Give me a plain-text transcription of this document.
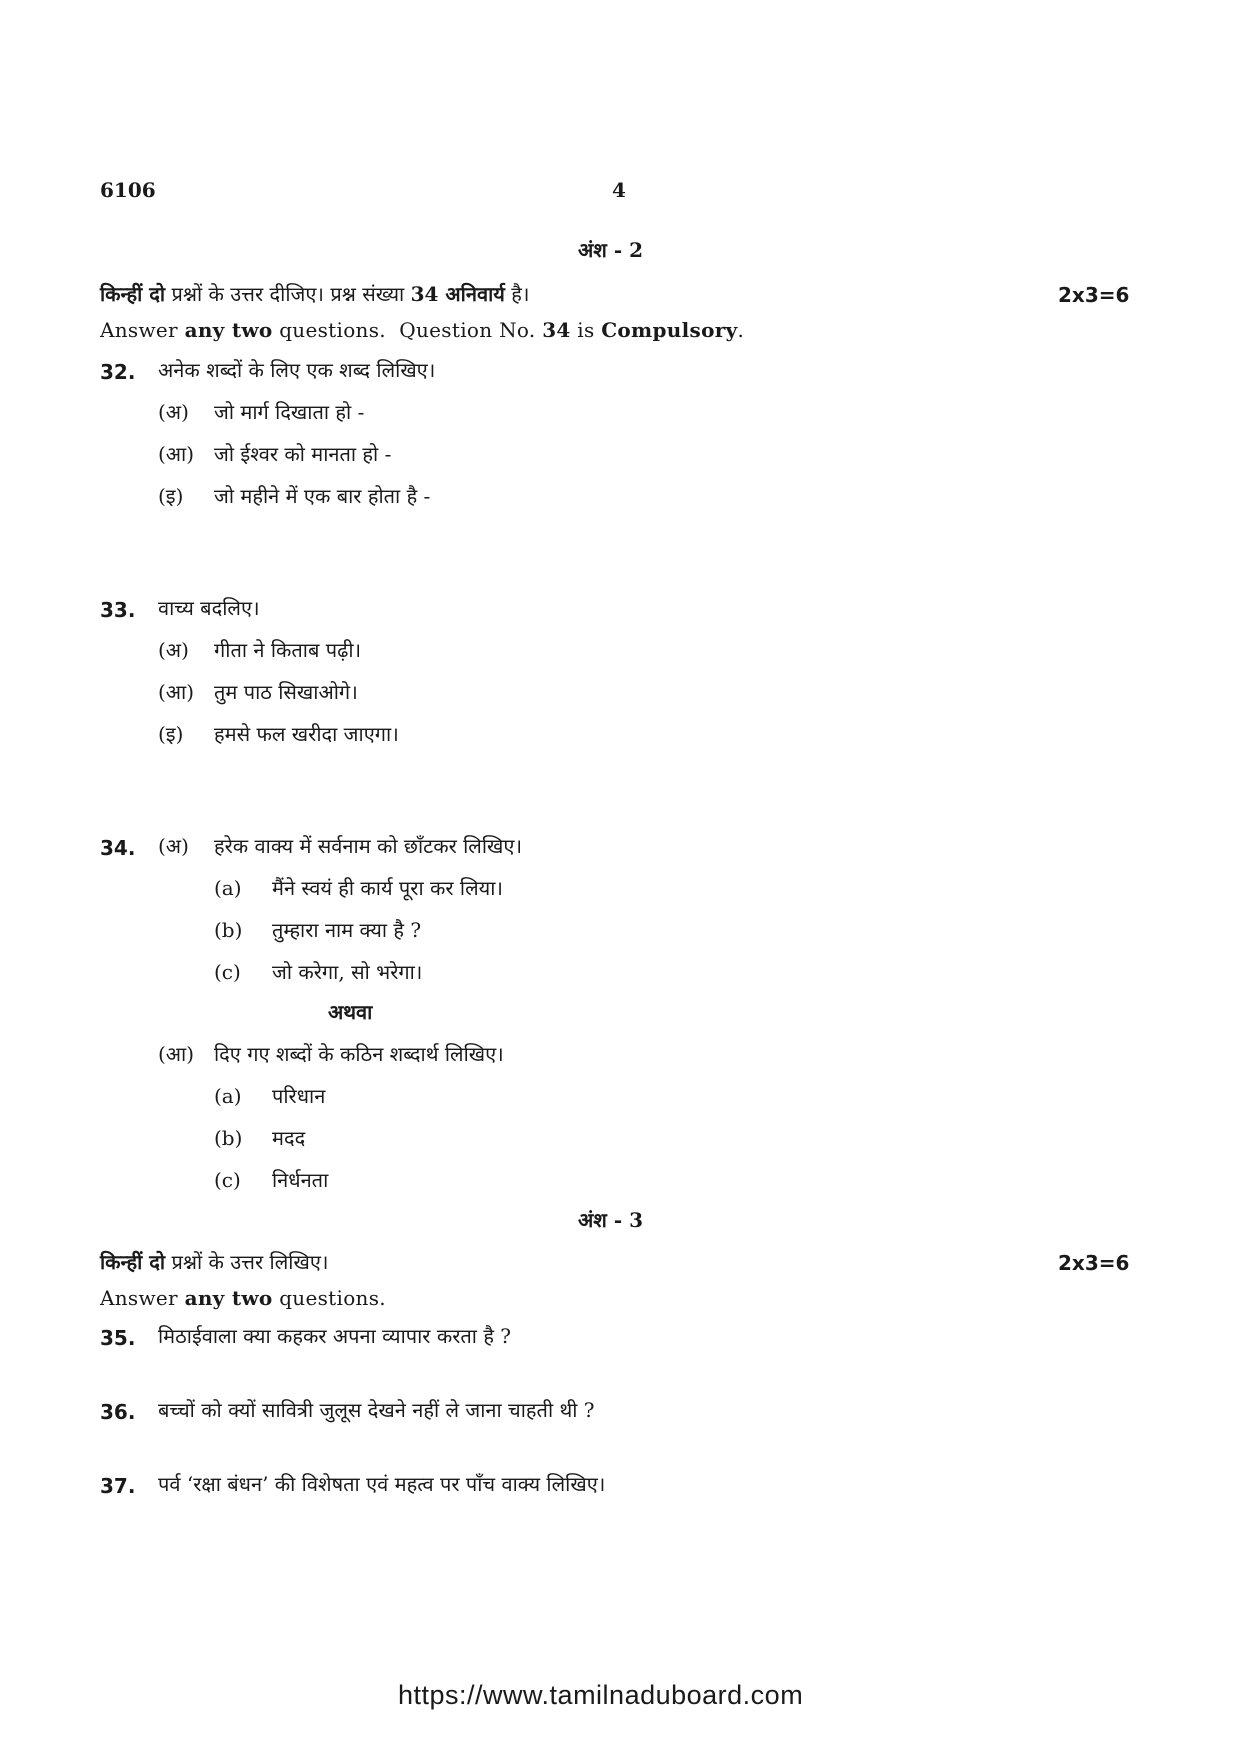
6106	4
अंश - 2
किन्हीं दो प्रश्नों के उत्तर दीजिए। प्रश्न संख्या 34 अनिवार्य है।	2x3=6
Answer any two questions.  Question No. 34 is Compulsory.
32. अनेक शब्दों के लिए एक शब्द लिखिए।
(अ) जो मार्ग दिखाता हो -
(आ) जो ईश्वर को मानता हो -
(इ) जो महीने में एक बार होता है -
33. वाच्य बदलिए।
(अ) गीता ने किताब पढ़ी।
(आ) तुम पाठ सिखाओगे।
(इ) हमसे फल खरीदा जाएगा।
34. (अ) हरेक वाक्य में सर्वनाम को छाँटकर लिखिए।
(a) मैंने स्वयं ही कार्य पूरा कर लिया।
(b) तुम्हारा नाम क्या है ?
(c) जो करेगा, सो भरेगा।
अथवा
(आ) दिए गए शब्दों के कठिन शब्दार्थ लिखिए।
(a) परिधान
(b) मदद
(c) निर्धनता
अंश - 3
किन्हीं दो प्रश्नों के उत्तर लिखिए।	2x3=6
Answer any two questions.
35. मिठाईवाला क्या कहकर अपना व्यापार करता है ?
36. बच्चों को क्यों सावित्री जुलूस देखने नहीं ले जाना चाहती थी ?
37. पर्व ‘रक्षा बंधन’ की विशेषता एवं महत्व पर पाँच वाक्य लिखिए।
https://www.tamilnaduboard.com
